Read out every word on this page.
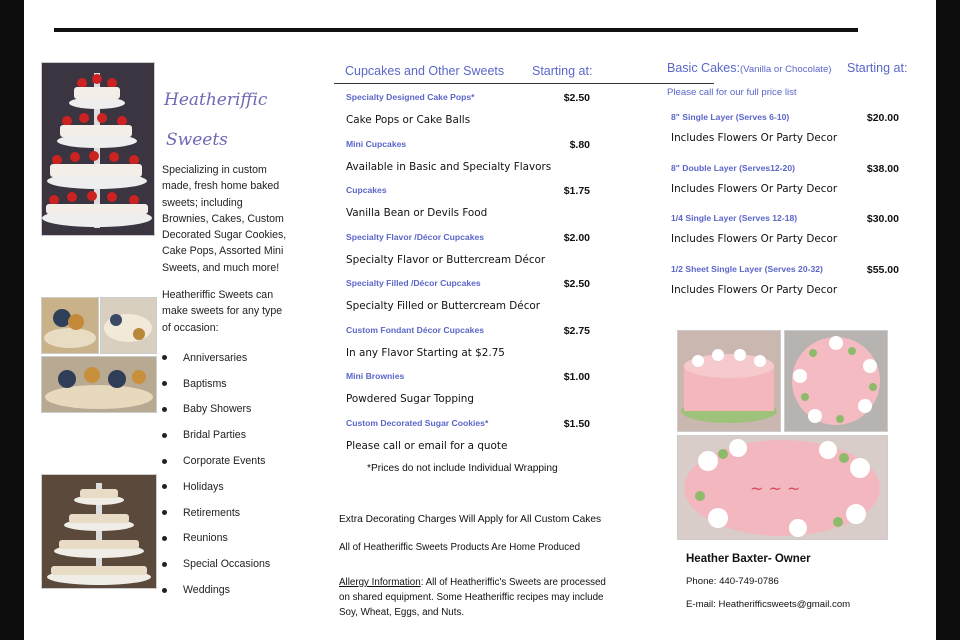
Heatheriffic
Sweets
Specializing in custom made, fresh home baked sweets; including Brownies, Cakes, Custom Decorated Sugar Cookies, Cake Pops, Assorted Mini Sweets, and much more!
Heatheriffic Sweets can make sweets for any type of occasion:
Anniversaries
Baptisms
Baby Showers
Bridal Parties
Corporate Events
Holidays
Retirements
Reunions
Special Occasions
Weddings
Cupcakes and Other Sweets Starting at:
Specialty Designed Cake Pops*	$2.50
Cake Pops or Cake Balls
Mini Cupcakes	$.80
Available in Basic and Specialty Flavors
Cupcakes	$1.75
Vanilla Bean or Devils Food
Specialty Flavor /Décor Cupcakes	$2.00
Specialty Flavor or Buttercream Décor
Specialty Filled /Décor Cupcakes	$2.50
Specialty Filled or Buttercream Décor
Custom Fondant Décor Cupcakes	$2.75
In any Flavor Starting at $2.75
Mini Brownies	$1.00
Powdered Sugar Topping
Custom Decorated Sugar Cookies*	$1.50
Please call or email for a quote
*Prices do not include Individual Wrapping
Extra Decorating Charges Will Apply for All Custom Cakes
All of Heatheriffic Sweets Products Are Home Produced
Allergy Information: All of Heatheriffic's Sweets are processed on shared equipment. Some Heatheriffic recipes may include Soy, Wheat, Eggs, and Nuts.
Basic Cakes:(Vanilla or Chocolate) Starting at:
Please call for our full price list
8" Single Layer (Serves 6-10)	$20.00
Includes Flowers Or Party Decor
8" Double Layer (Serves12-20)	$38.00
Includes Flowers Or Party Decor
1/4 Single Layer (Serves 12-18)	$30.00
Includes Flowers Or Party Decor
1/2 Sheet Single Layer (Serves 20-32)	$55.00
Includes Flowers Or Party Decor
~ ~ ~
Heather Baxter- Owner
Phone: 440-749-0786
E-mail: Heatherifficsweets@gmail.com
